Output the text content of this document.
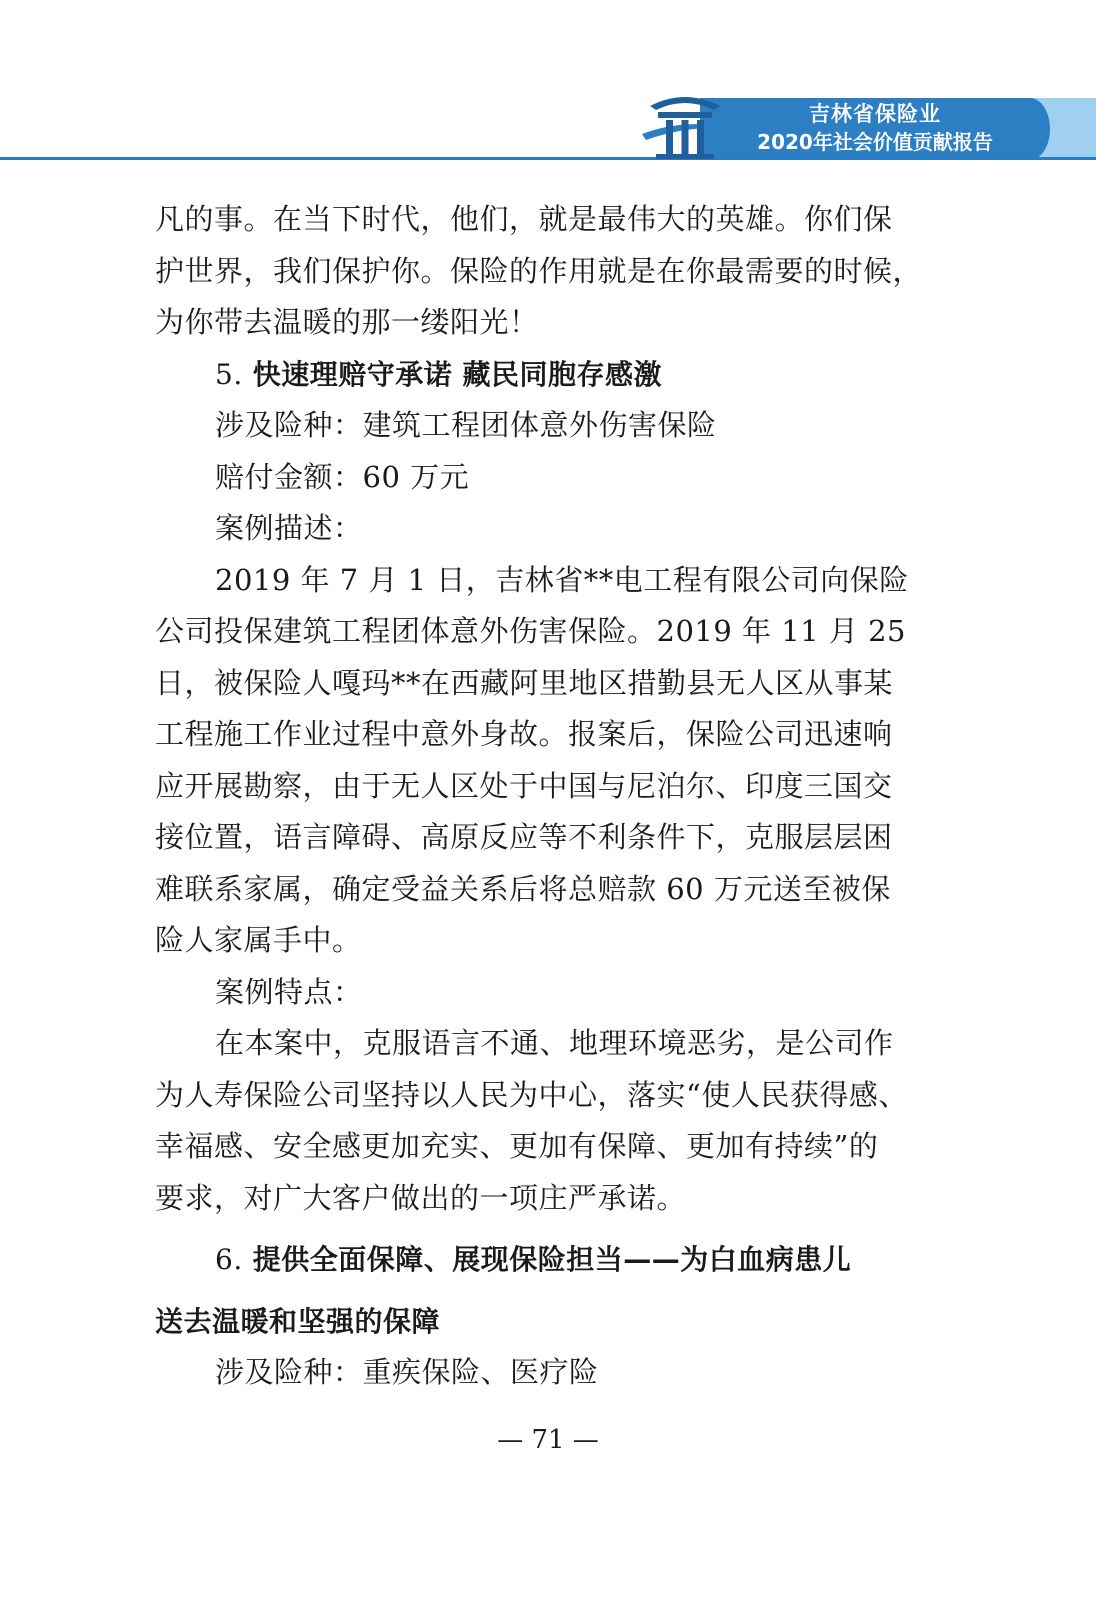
吉林省保险业
2020年社会价值贡献报告
凡的事。在当下时代，他们，就是最伟大的英雄。你们保
护世界，我们保护你。保险的作用就是在你最需要的时候，
为你带去温暖的那一缕阳光！
5. 快速理赔守承诺 藏民同胞存感激
涉及险种：建筑工程团体意外伤害保险
赔付金额：60 万元
案例描述：
2019 年 7 月 1 日，吉林省**电工程有限公司向保险
公司投保建筑工程团体意外伤害保险。2019 年 11 月 25
日，被保险人嘎玛**在西藏阿里地区措勤县无人区从事某
工程施工作业过程中意外身故。报案后，保险公司迅速响
应开展勘察，由于无人区处于中国与尼泊尔、印度三国交
接位置，语言障碍、高原反应等不利条件下，克服层层困
难联系家属，确定受益关系后将总赔款 60 万元送至被保
险人家属手中。
案例特点：
在本案中，克服语言不通、地理环境恶劣，是公司作
为人寿保险公司坚持以人民为中心，落实“使人民获得感、
幸福感、安全感更加充实、更加有保障、更加有持续”的
要求，对广大客户做出的一项庄严承诺。
6. 提供全面保障、展现保险担当——为白血病患儿
送去温暖和坚强的保障
涉及险种：重疾保险、医疗险
— 71 —
